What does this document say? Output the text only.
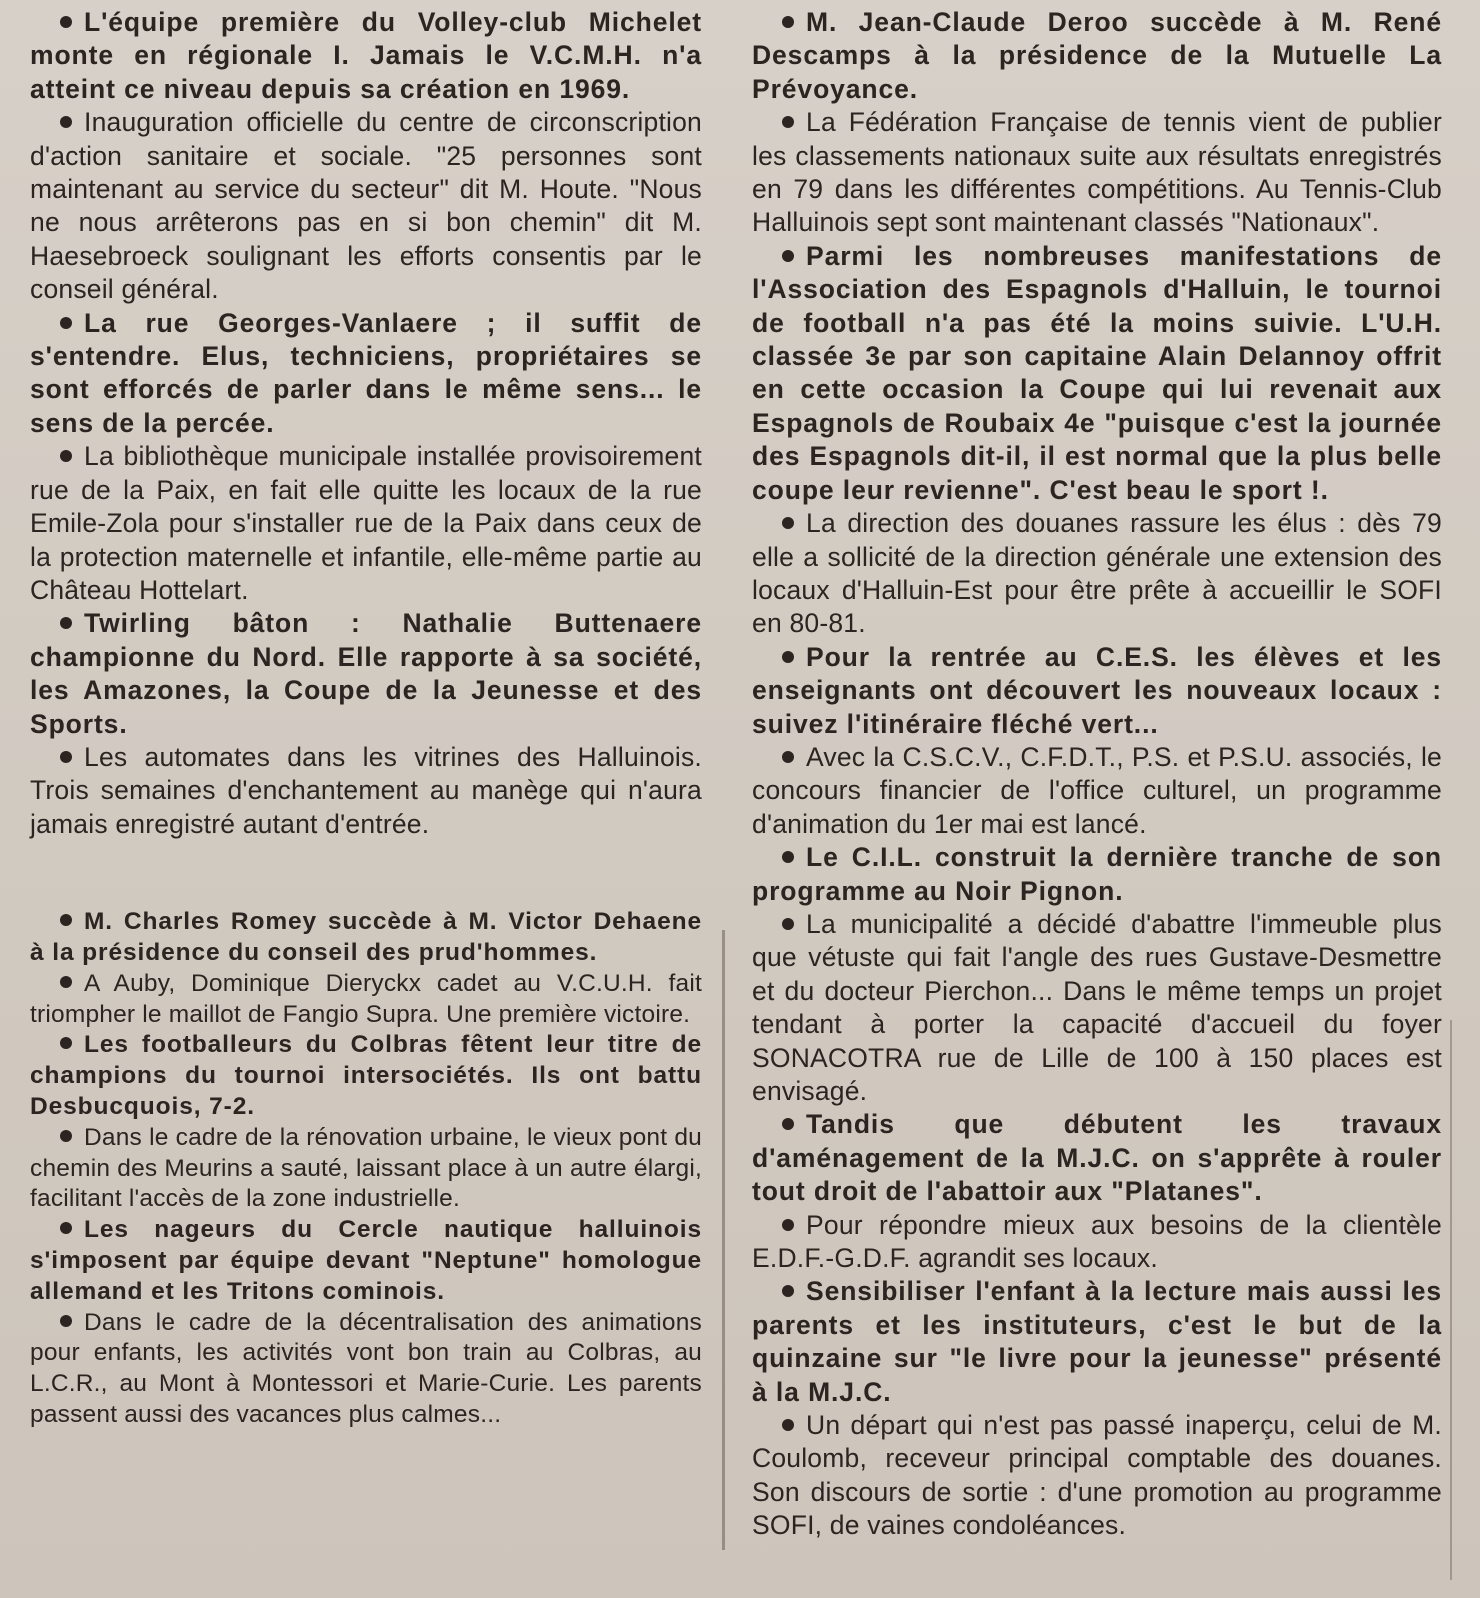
L'équipe première du Volley-club Michelet monte en régionale I. Jamais le V.C.M.H. n'a atteint ce niveau depuis sa création en 1969.

Inauguration officielle du centre de circonscription d'action sanitaire et sociale. "25 personnes sont maintenant au service du secteur" dit M. Houte. "Nous ne nous arrêterons pas en si bon chemin" dit M. Haesebroeck soulignant les efforts consentis par le conseil général.

La rue Georges-Vanlaere ; il suffit de s'entendre. Elus, techniciens, propriétaires se sont efforcés de parler dans le même sens... le sens de la percée.

La bibliothèque municipale installée provisoirement rue de la Paix, en fait elle quitte les locaux de la rue Emile-Zola pour s'installer rue de la Paix dans ceux de la protection maternelle et infantile, elle-même partie au Château Hottelart.

Twirling bâton : Nathalie Buttenaere championne du Nord. Elle rapporte à sa société, les Amazones, la Coupe de la Jeunesse et des Sports.

Les automates dans les vitrines des Halluinois. Trois semaines d'enchantement au manège qui n'aura jamais enregistré autant d'entrée.

M. Charles Romey succède à M. Victor Dehaene à la présidence du conseil des prud'hommes.

A Auby, Dominique Dieryckx cadet au V.C.U.H. fait triompher le maillot de Fangio Supra. Une première victoire.

Les footballeurs du Colbras fêtent leur titre de champions du tournoi intersociétés. Ils ont battu Desbucquois, 7-2.

Dans le cadre de la rénovation urbaine, le vieux pont du chemin des Meurins a sauté, laissant place à un autre élargi, facilitant l'accès de la zone industrielle.

Les nageurs du Cercle nautique halluinois s'imposent par équipe devant "Neptune" homologue allemand et les Tritons cominois.

Dans le cadre de la décentralisation des animations pour enfants, les activités vont bon train au Colbras, au L.C.R., au Mont à Montessori et Marie-Curie. Les parents passent aussi des vacances plus calmes...

M. Jean-Claude Deroo succède à M. René Descamps à la présidence de la Mutuelle La Prévoyance.

La Fédération Française de tennis vient de publier les classements nationaux suite aux résultats enregistrés en 79 dans les différentes compétitions. Au Tennis-Club Halluinois sept sont maintenant classés "Nationaux".

Parmi les nombreuses manifestations de l'Association des Espagnols d'Halluin, le tournoi de football n'a pas été la moins suivie. L'U.H. classée 3e par son capitaine Alain Delannoy offrit en cette occasion la Coupe qui lui revenait aux Espagnols de Roubaix 4e "puisque c'est la journée des Espagnols dit-il, il est normal que la plus belle coupe leur revienne". C'est beau le sport !.

La direction des douanes rassure les élus : dès 79 elle a sollicité de la direction générale une extension des locaux d'Halluin-Est pour être prête à accueillir le SOFI en 80-81.

Pour la rentrée au C.E.S. les élèves et les enseignants ont découvert les nouveaux locaux : suivez l'itinéraire fléché vert...

Avec la C.S.C.V., C.F.D.T., P.S. et P.S.U. associés, le concours financier de l'office culturel, un programme d'animation du 1er mai est lancé.

Le C.I.L. construit la dernière tranche de son programme au Noir Pignon.

La municipalité a décidé d'abattre l'immeuble plus que vétuste qui fait l'angle des rues Gustave-Desmettre et du docteur Pierchon... Dans le même temps un projet tendant à porter la capacité d'accueil du foyer SONACOTRA rue de Lille de 100 à 150 places est envisagé.

Tandis que débutent les travaux d'aménagement de la M.J.C. on s'apprête à rouler tout droit de l'abattoir aux "Platanes".

Pour répondre mieux aux besoins de la clientèle E.D.F.-G.D.F. agrandit ses locaux.

Sensibiliser l'enfant à la lecture mais aussi les parents et les instituteurs, c'est le but de la quinzaine sur "le livre pour la jeunesse" présenté à la M.J.C.

Un départ qui n'est pas passé inaperçu, celui de M. Coulomb, receveur principal comptable des douanes. Son discours de sortie : d'une promotion au programme SOFI, de vaines condoléances.
